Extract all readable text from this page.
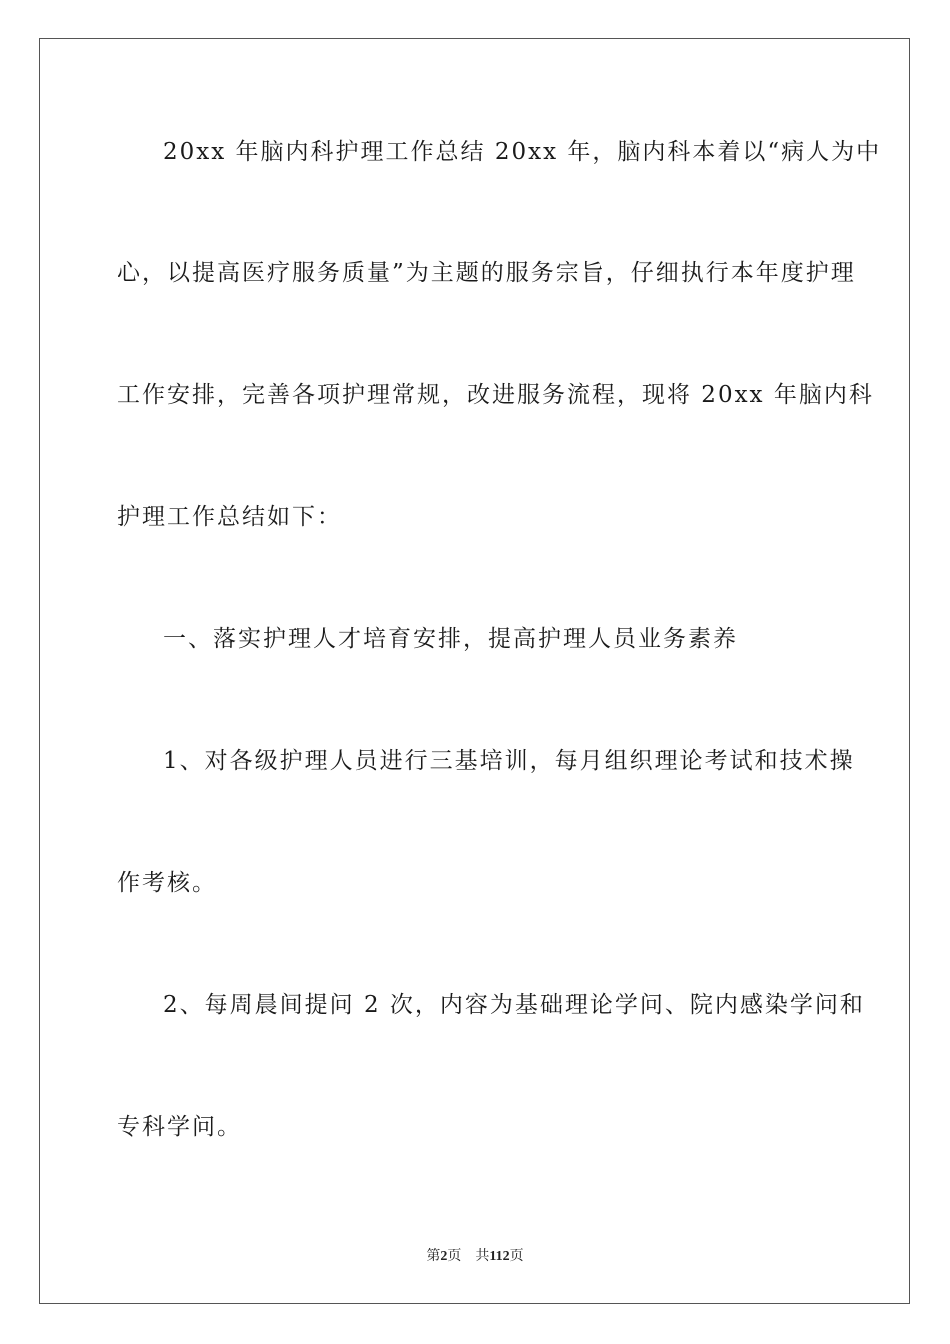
20xx 年脑内科护理工作总结 20xx 年，脑内科本着以“病人为中
心，以提高医疗服务质量”为主题的服务宗旨，仔细执行本年度护理
工作安排，完善各项护理常规，改进服务流程，现将 20xx 年脑内科
护理工作总结如下：
一、落实护理人才培育安排，提高护理人员业务素养
1、对各级护理人员进行三基培训，每月组织理论考试和技术操
作考核。
2、每周晨间提问 2 次，内容为基础理论学问、院内感染学问和
专科学问。
第2页 共112页
